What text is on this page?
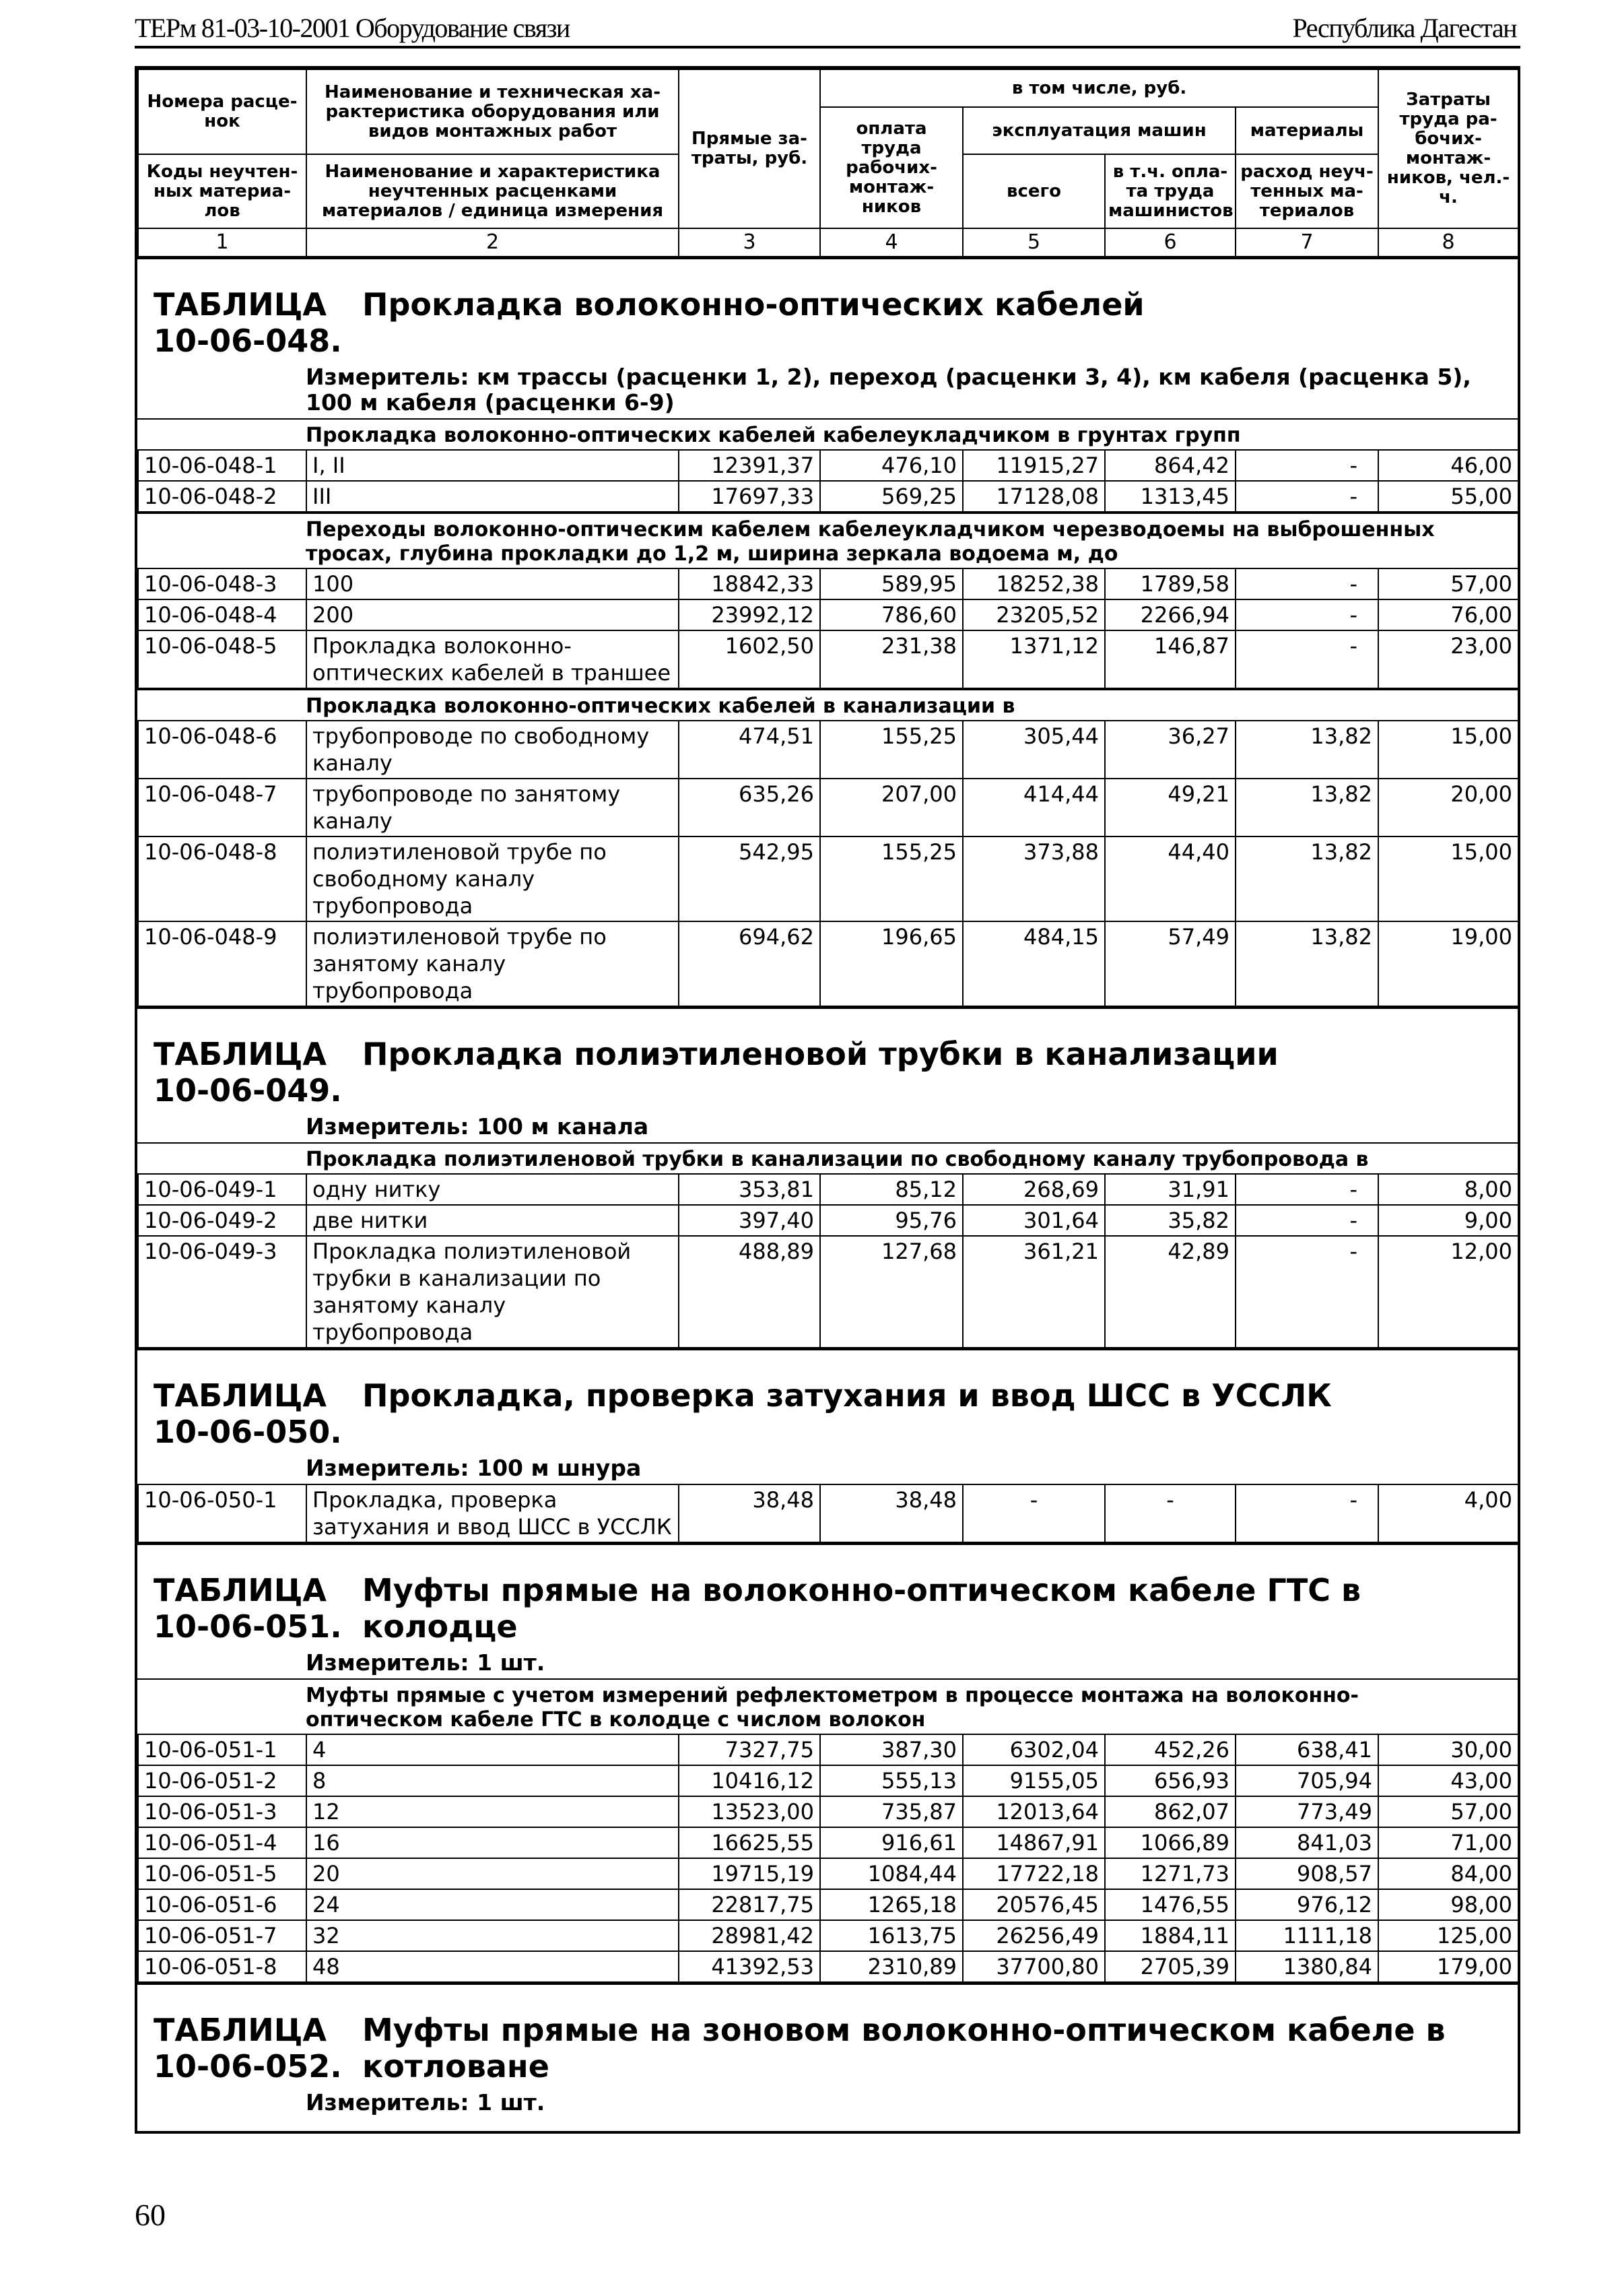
ТЕРм 81-03-10-2001 Оборудование связи	Республика Дагестан
Номера расце-нок	Наименование и техническая ха-рактеристика оборудования или видов монтажных работ	Прямые за-траты, руб.	в том числе, руб.				Затраты труда ра-бочих-монтаж-ников, чел.-ч.
			оплата труда рабочих-монтаж-ников	эксплуатация машин		материалы	
Коды неучтен-ных материа-лов	Наименование и характеристика неучтенных расценками материалов / единица измерения			всего	в т.ч. опла-та труда машинистов	расход неуч-тенных ма-териалов	

1	2	3	4	5	6	7	8
ТАБЛИЦА 10-06-048.
Прокладка волоконно-оптических кабелей
Измеритель: км трассы (расценки 1, 2), переход (расценки 3, 4), км кабеля (расценка 5), 100 м кабеля (расценки 6-9)
Прокладка волоконно-оптических кабелей кабелеукладчиком в грунтах групп
10-06-048-1	I, II	12391,37	476,10	11915,27	864,42	-	46,00
10-06-048-2	III	17697,33	569,25	17128,08	1313,45	-	55,00
Переходы волоконно-оптическим кабелем кабелеукладчиком черезводоемы на выброшенных тросах, глубина прокладки до 1,2 м, ширина зеркала водоема м, до
10-06-048-3	100	18842,33	589,95	18252,38	1789,58	-	57,00
10-06-048-4	200	23992,12	786,60	23205,52	2266,94	-	76,00
10-06-048-5	Прокладка волоконно-оптических кабелей в траншее	1602,50	231,38	1371,12	146,87	-	23,00
Прокладка волоконно-оптических кабелей в канализации в
10-06-048-6	трубопроводе по свободному каналу	474,51	155,25	305,44	36,27	13,82	15,00
10-06-048-7	трубопроводе по занятому каналу	635,26	207,00	414,44	49,21	13,82	20,00
10-06-048-8	полиэтиленовой трубе по свободному каналу трубопровода	542,95	155,25	373,88	44,40	13,82	15,00
10-06-048-9	полиэтиленовой трубе по занятому каналу трубопровода	694,62	196,65	484,15	57,49	13,82	19,00
ТАБЛИЦА 10-06-049.
Прокладка полиэтиленовой трубки в канализации
Измеритель: 100 м канала
Прокладка полиэтиленовой трубки в канализации по свободному каналу трубопровода в
10-06-049-1	одну нитку	353,81	85,12	268,69	31,91	-	8,00
10-06-049-2	две нитки	397,40	95,76	301,64	35,82	-	9,00
10-06-049-3	Прокладка полиэтиленовой трубки в канализации по занятому каналу трубопровода	488,89	127,68	361,21	42,89	-	12,00
ТАБЛИЦА 10-06-050.
Прокладка, проверка затухания и ввод ШСС в УССЛК
Измеритель: 100 м шнура
10-06-050-1	Прокладка, проверка затухания и ввод ШСС в УССЛК	38,48	38,48	-	-	-	4,00
ТАБЛИЦА 10-06-051.
Муфты прямые на волоконно-оптическом кабеле ГТС в колодце
Измеритель: 1 шт.
Муфты прямые с учетом измерений рефлектометром в процессе монтажа на волоконно-оптическом кабеле ГТС в колодце с числом волокон
10-06-051-1	4	7327,75	387,30	6302,04	452,26	638,41	30,00
10-06-051-2	8	10416,12	555,13	9155,05	656,93	705,94	43,00
10-06-051-3	12	13523,00	735,87	12013,64	862,07	773,49	57,00
10-06-051-4	16	16625,55	916,61	14867,91	1066,89	841,03	71,00
10-06-051-5	20	19715,19	1084,44	17722,18	1271,73	908,57	84,00
10-06-051-6	24	22817,75	1265,18	20576,45	1476,55	976,12	98,00
10-06-051-7	32	28981,42	1613,75	26256,49	1884,11	1111,18	125,00
10-06-051-8	48	41392,53	2310,89	37700,80	2705,39	1380,84	179,00
ТАБЛИЦА 10-06-052.
Муфты прямые на зоновом волоконно-оптическом кабеле в котловане
Измеритель: 1 шт.
60
